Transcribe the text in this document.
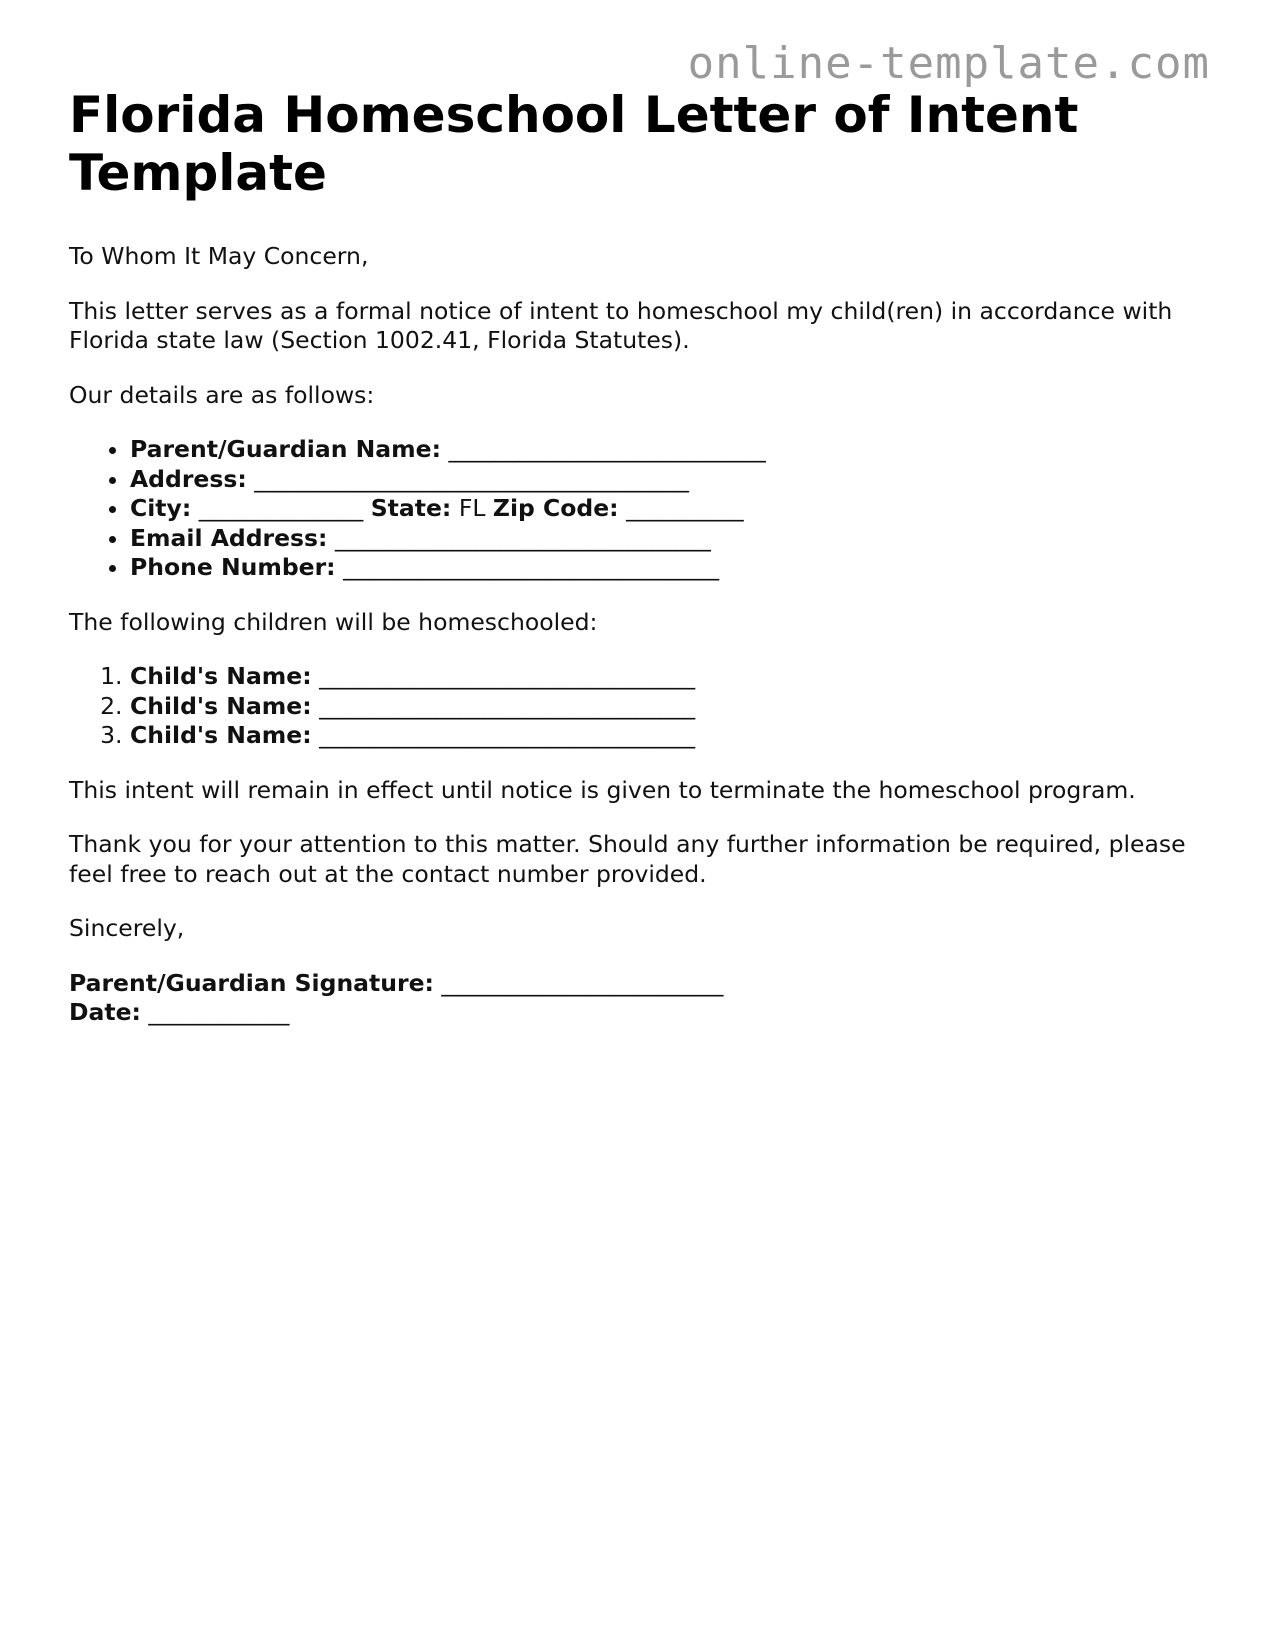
online-template.com
Florida Homeschool Letter of Intent Template

To Whom It May Concern,

This letter serves as a formal notice of intent to homeschool my child(ren) in accordance with Florida state law (Section 1002.41, Florida Statutes).

Our details are as follows:

• Parent/Guardian Name: ___________________________
• Address: _____________________________________
• City: ______________ State: FL Zip Code: __________
• Email Address: ________________________________
• Phone Number: ________________________________

The following children will be homeschooled:

1. Child's Name: ________________________________
2. Child's Name: ________________________________
3. Child's Name: ________________________________

This intent will remain in effect until notice is given to terminate the homeschool program.

Thank you for your attention to this matter. Should any further information be required, please feel free to reach out at the contact number provided.

Sincerely,

Parent/Guardian Signature: ________________________

Date: ____________
